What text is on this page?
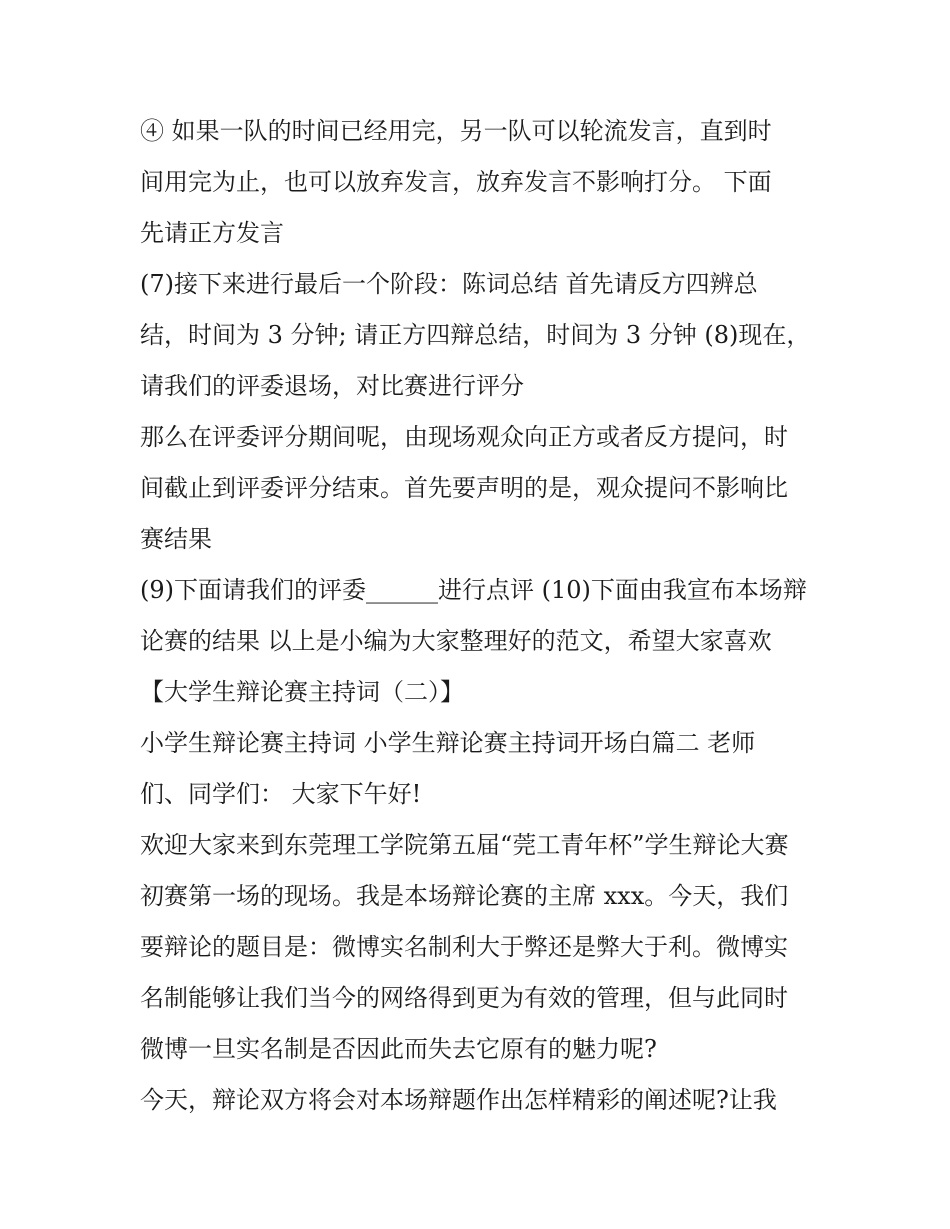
④ 如果一队的时间已经用完，另一队可以轮流发言，直到时
间用完为止，也可以放弃发言，放弃发言不影响打分。 下面
先请正方发言
(7)接下来进行最后一个阶段：陈词总结 首先请反方四辨总
结，时间为 3 分钟; 请正方四辩总结，时间为 3 分钟 (8)现在，
请我们的评委退场，对比赛进行评分
那么在评委评分期间呢，由现场观众向正方或者反方提问，时
间截止到评委评分结束。首先要声明的是，观众提问不影响比
赛结果
(9)下面请我们的评委______进行点评 (10)下面由我宣布本场辩
论赛的结果 以上是小编为大家整理好的范文，希望大家喜欢
【大学生辩论赛主持词（二）】
小学生辩论赛主持词 小学生辩论赛主持词开场白篇二 老师
们、同学们： 大家下午好!
欢迎大家来到东莞理工学院第五届“莞工青年杯”学生辩论大赛
初赛第一场的现场。我是本场辩论赛的主席 xxx。今天，我们
要辩论的题目是：微博实名制利大于弊还是弊大于利。微博实
名制能够让我们当今的网络得到更为有效的管理，但与此同时
微博一旦实名制是否因此而失去它原有的魅力呢?
今天，辩论双方将会对本场辩题作出怎样精彩的阐述呢?让我
